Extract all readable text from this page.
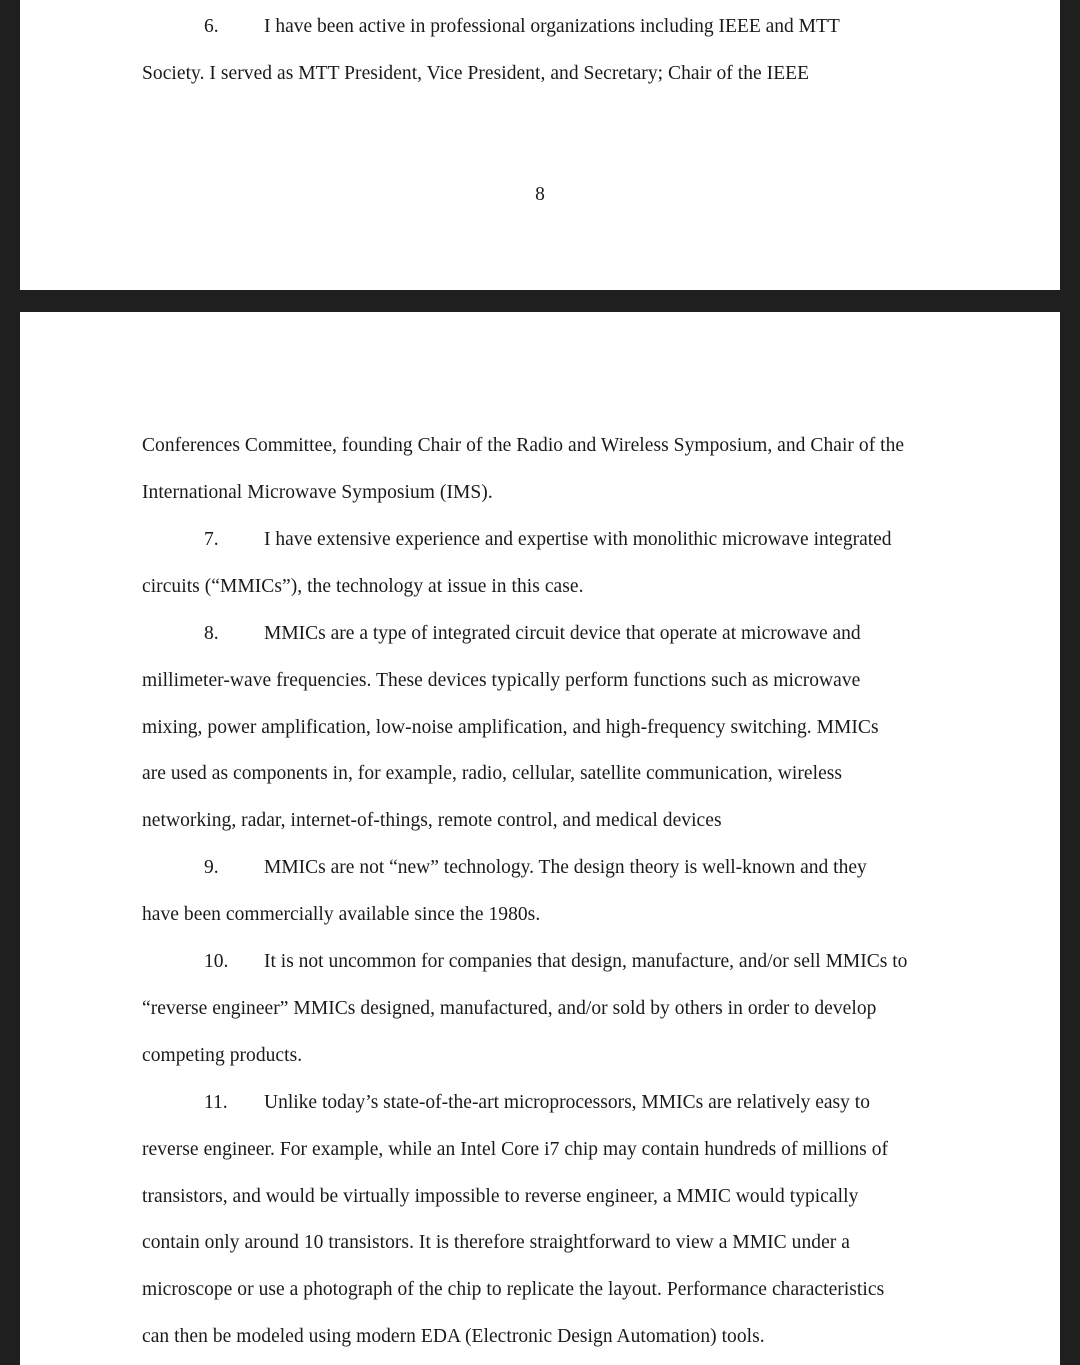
6. I have been active in professional organizations including IEEE and MTT
Society. I served as MTT President, Vice President, and Secretary; Chair of the IEEE
8
Conferences Committee, founding Chair of the Radio and Wireless Symposium, and Chair of the
International Microwave Symposium (IMS).
7. I have extensive experience and expertise with monolithic microwave integrated
circuits (“MMICs”), the technology at issue in this case.
8. MMICs are a type of integrated circuit device that operate at microwave and
millimeter-wave frequencies. These devices typically perform functions such as microwave
mixing, power amplification, low-noise amplification, and high-frequency switching. MMICs
are used as components in, for example, radio, cellular, satellite communication, wireless
networking, radar, internet-of-things, remote control, and medical devices
9. MMICs are not “new” technology. The design theory is well-known and they
have been commercially available since the 1980s.
10. It is not uncommon for companies that design, manufacture, and/or sell MMICs to
“reverse engineer” MMICs designed, manufactured, and/or sold by others in order to develop
competing products.
11. Unlike today’s state-of-the-art microprocessors, MMICs are relatively easy to
reverse engineer. For example, while an Intel Core i7 chip may contain hundreds of millions of
transistors, and would be virtually impossible to reverse engineer, a MMIC would typically
contain only around 10 transistors. It is therefore straightforward to view a MMIC under a
microscope or use a photograph of the chip to replicate the layout. Performance characteristics
can then be modeled using modern EDA (Electronic Design Automation) tools.
